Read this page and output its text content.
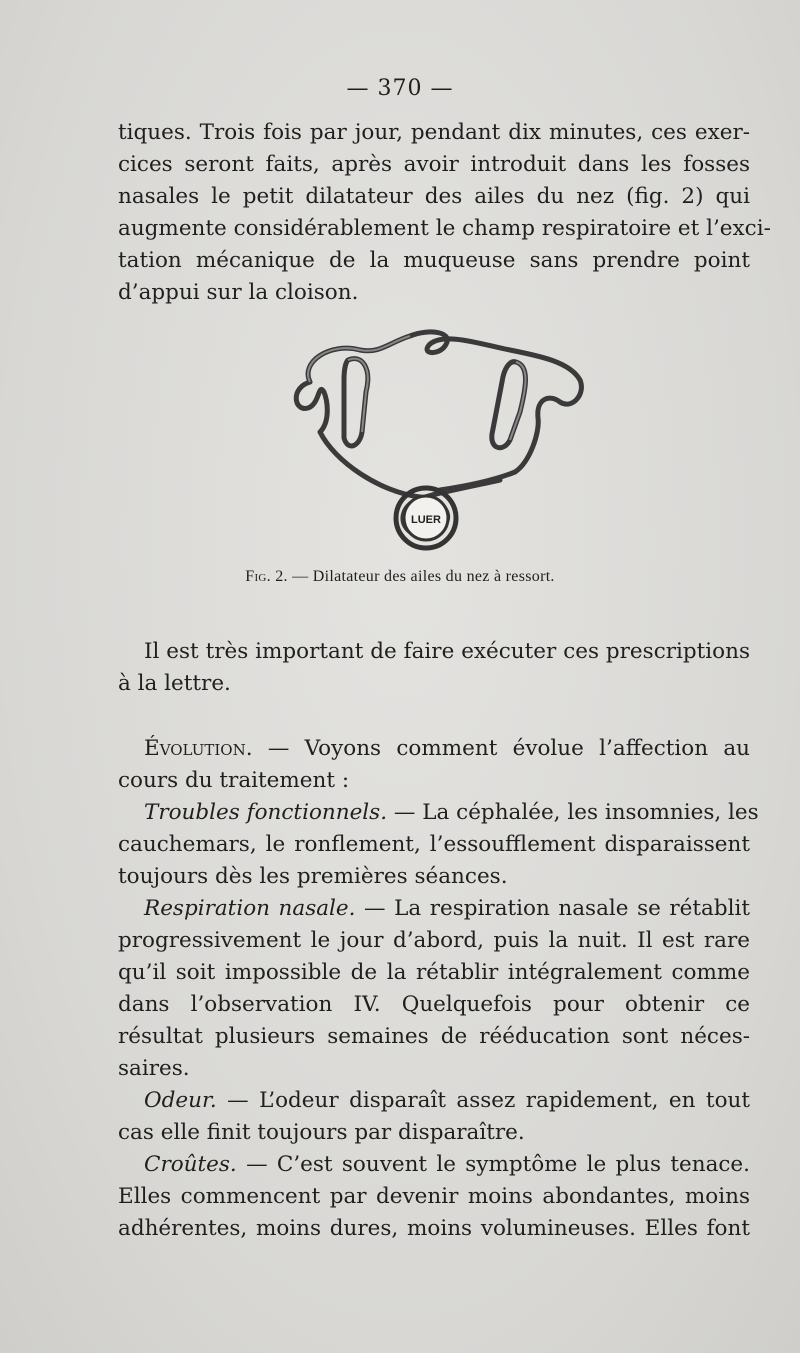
— 370 —
tiques. Trois fois par jour, pendant dix minutes, ces exer-
cices seront faits, après avoir introduit dans les fosses
nasales le petit dilatateur des ailes du nez (fig. 2) qui
augmente considérablement le champ respiratoire et l’exci-
tation mécanique de la muqueuse sans prendre point
d’appui sur la cloison.
LUER
Fig. 2. — Dilatateur des ailes du nez à ressort.
Il est très important de faire exécuter ces prescriptions
à la lettre.
Évolution. — Voyons comment évolue l’affection au
cours du traitement :
Troubles fonctionnels. — La céphalée, les insomnies, les
cauchemars, le ronflement, l’essoufflement disparaissent
toujours dès les premières séances.
Respiration nasale. — La respiration nasale se rétablit
progressivement le jour d’abord, puis la nuit. Il est rare
qu’il soit impossible de la rétablir intégralement comme
dans l’observation IV. Quelquefois pour obtenir ce
résultat plusieurs semaines de rééducation sont néces-
saires.
Odeur. — L’odeur disparaît assez rapidement, en tout
cas elle finit toujours par disparaître.
Croûtes. — C’est souvent le symptôme le plus tenace.
Elles commencent par devenir moins abondantes, moins
adhérentes, moins dures, moins volumineuses. Elles font
